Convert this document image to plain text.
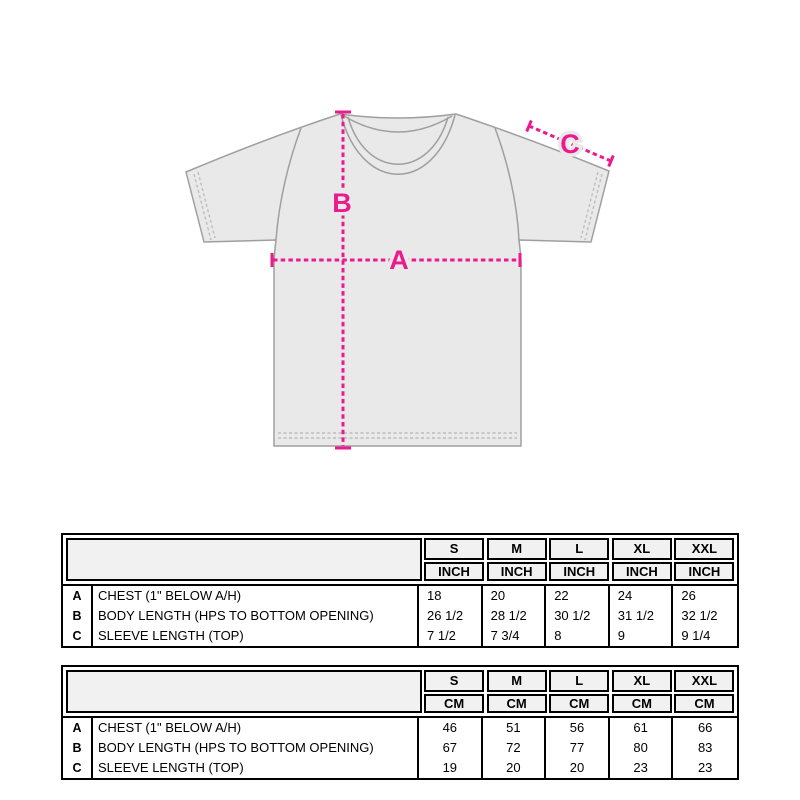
A
B
C
S	M	L	XL	XXL
INCH	INCH	INCH	INCH	INCH
A	CHEST (1" BELOW A/H)	18	20	22	24	26
B	BODY LENGTH (HPS TO BOTTOM OPENING)	26 1/2	28 1/2	30 1/2	31 1/2	32 1/2
C	SLEEVE LENGTH (TOP)	7 1/2	7 3/4	8	9	9 1/4
S	M	L	XL	XXL
CM	CM	CM	CM	CM
A	CHEST (1" BELOW A/H)	46	51	56	61	66
B	BODY LENGTH (HPS TO BOTTOM OPENING)	67	72	77	80	83
C	SLEEVE LENGTH (TOP)	19	20	20	23	23
